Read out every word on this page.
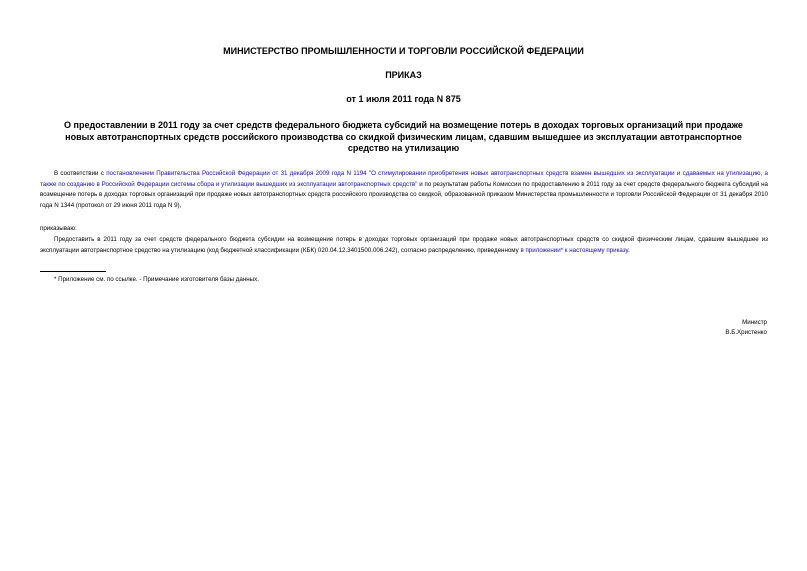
МИНИСТЕРСТВО ПРОМЫШЛЕННОСТИ И ТОРГОВЛИ РОССИЙСКОЙ ФЕДЕРАЦИИ
ПРИКАЗ
от 1 июля 2011 года N 875
О предоставлении в 2011 году за счет средств федерального бюджета субсидий на возмещение потерь в доходах торговых организаций при продаже новых автотранспортных средств российского производства со скидкой физическим лицам, сдавшим вышедшее из эксплуатации автотранспортное средство на утилизацию
В соответствии с постановлением Правительства Российской Федерации от 31 декабря 2009 года N 1194 "О стимулировании приобретения новых автотранспортных средств взамен вышедших из эксплуатации и сдаваемых на утилизацию, а также по созданию в Российской Федерации системы сбора и утилизации вышедших из эксплуатации автотранспортных средств" и по результатам работы Комиссии по предоставлению в 2011 году за счет средств федерального бюджета субсидий на возмещение потерь в доходах торговых организаций при продаже новых автотранспортных средств российского производства со скидкой, образованной приказом Министерства промышленности и торговли Российской Федерации от 31 декабря 2010 года N 1344 (протокол от 29 июня 2011 года N 9),
приказываю:
Предоставить в 2011 году за счет средств федерального бюджета субсидии на возмещение потерь в доходах торговых организаций при продаже новых автотранспортных средств со скидкой физическим лицам, сдавшим вышедшее из эксплуатации автотранспортное средство на утилизацию (код бюджетной классификации (КБК) 020.04.12.3401500.006.242), согласно распределению, приведенному в приложении* к настоящему приказу.
* Приложение см. по ссылке. - Примечание изготовителя базы данных.
Министр
В.Б.Христенко
